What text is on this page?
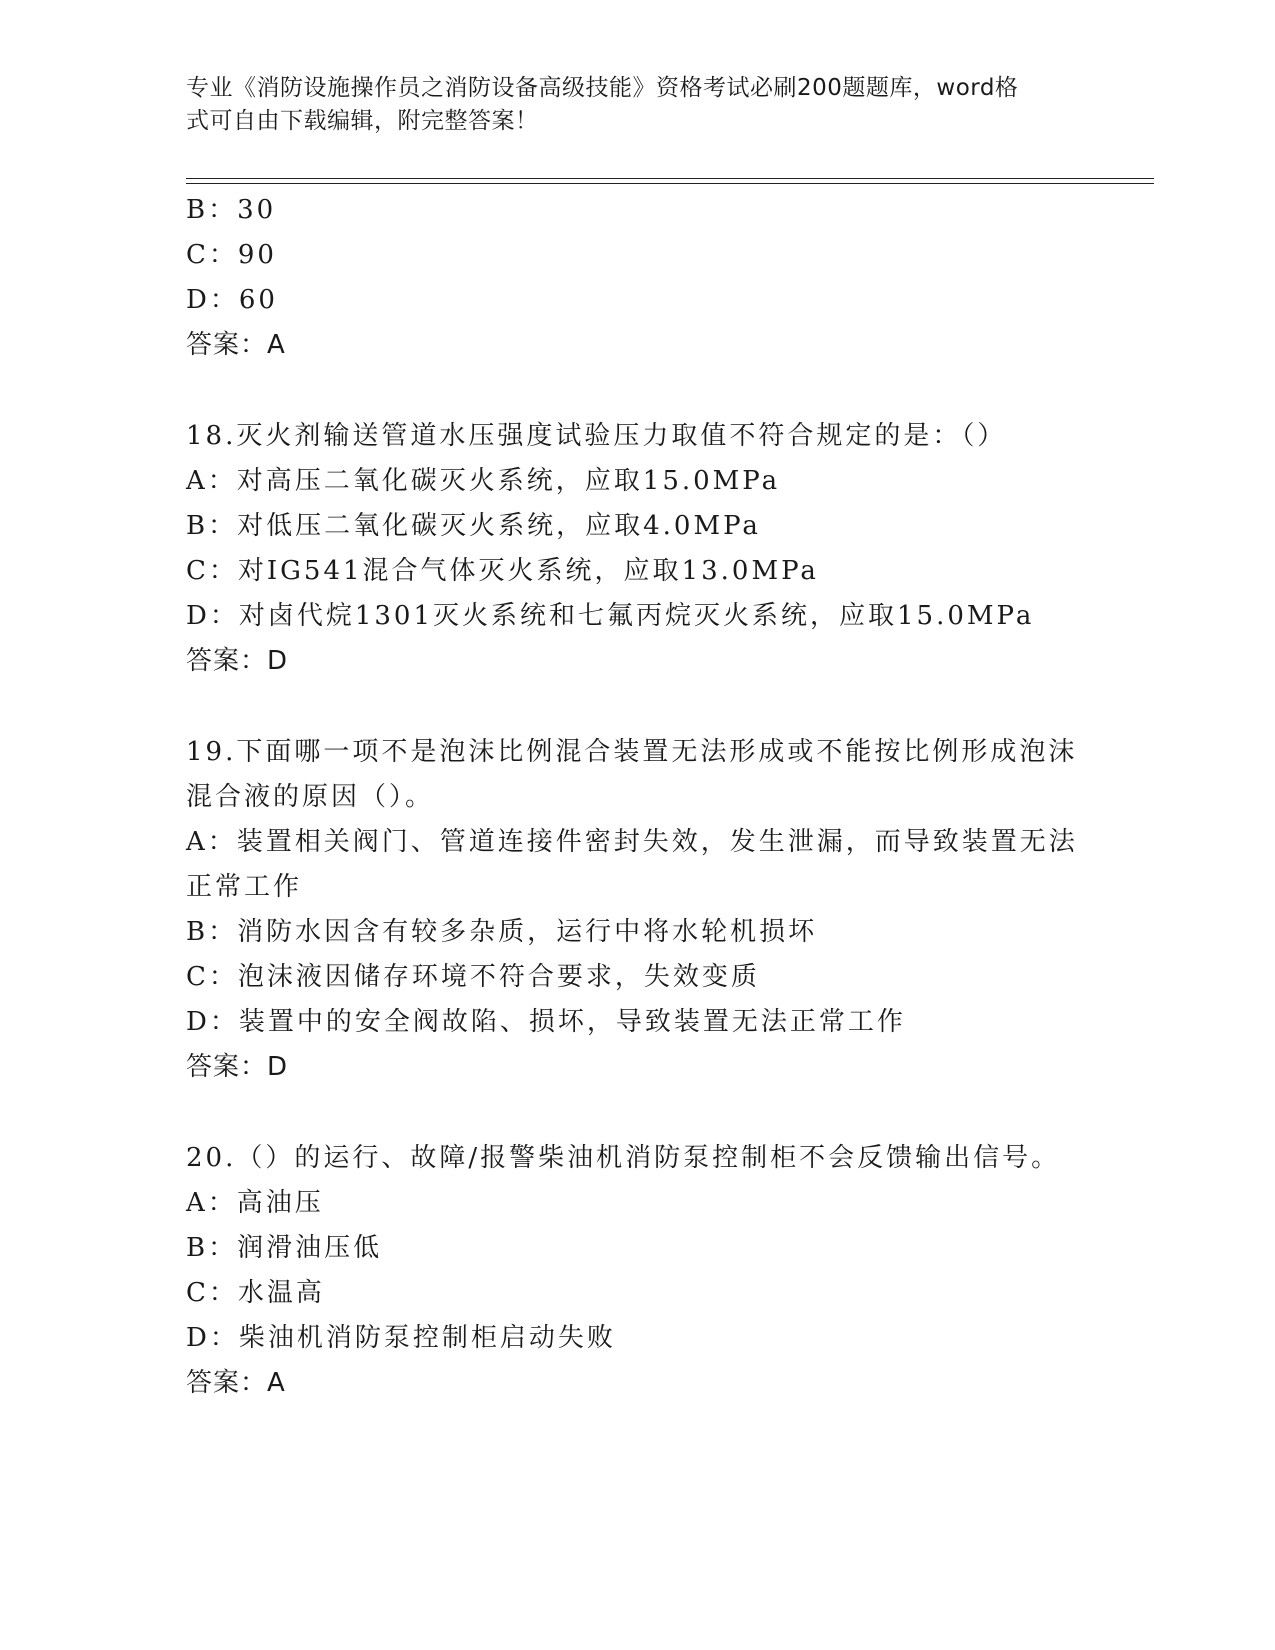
专业《消防设施操作员之消防设备高级技能》资格考试必刷200题题库，word格
式可自由下载编辑，附完整答案！
B：30
C：90
D：60
答案：A
18.灭火剂输送管道水压强度试验压力取值不符合规定的是：（）
A：对高压二氧化碳灭火系统，应取15.0MPa
B：对低压二氧化碳灭火系统，应取4.0MPa
C：对IG541混合气体灭火系统，应取13.0MPa
D：对卤代烷1301灭火系统和七氟丙烷灭火系统，应取15.0MPa
答案：D
19.下面哪一项不是泡沫比例混合装置无法形成或不能按比例形成泡沫
混合液的原因（）。
A：装置相关阀门、管道连接件密封失效，发生泄漏，而导致装置无法
正常工作
B：消防水因含有较多杂质，运行中将水轮机损坏
C：泡沫液因储存环境不符合要求，失效变质
D：装置中的安全阀故陷、损坏，导致装置无法正常工作
答案：D
20.（）的运行、故障/报警柴油机消防泵控制柜不会反馈输出信号。
A：高油压
B：润滑油压低
C：水温高
D：柴油机消防泵控制柜启动失败
答案：A
